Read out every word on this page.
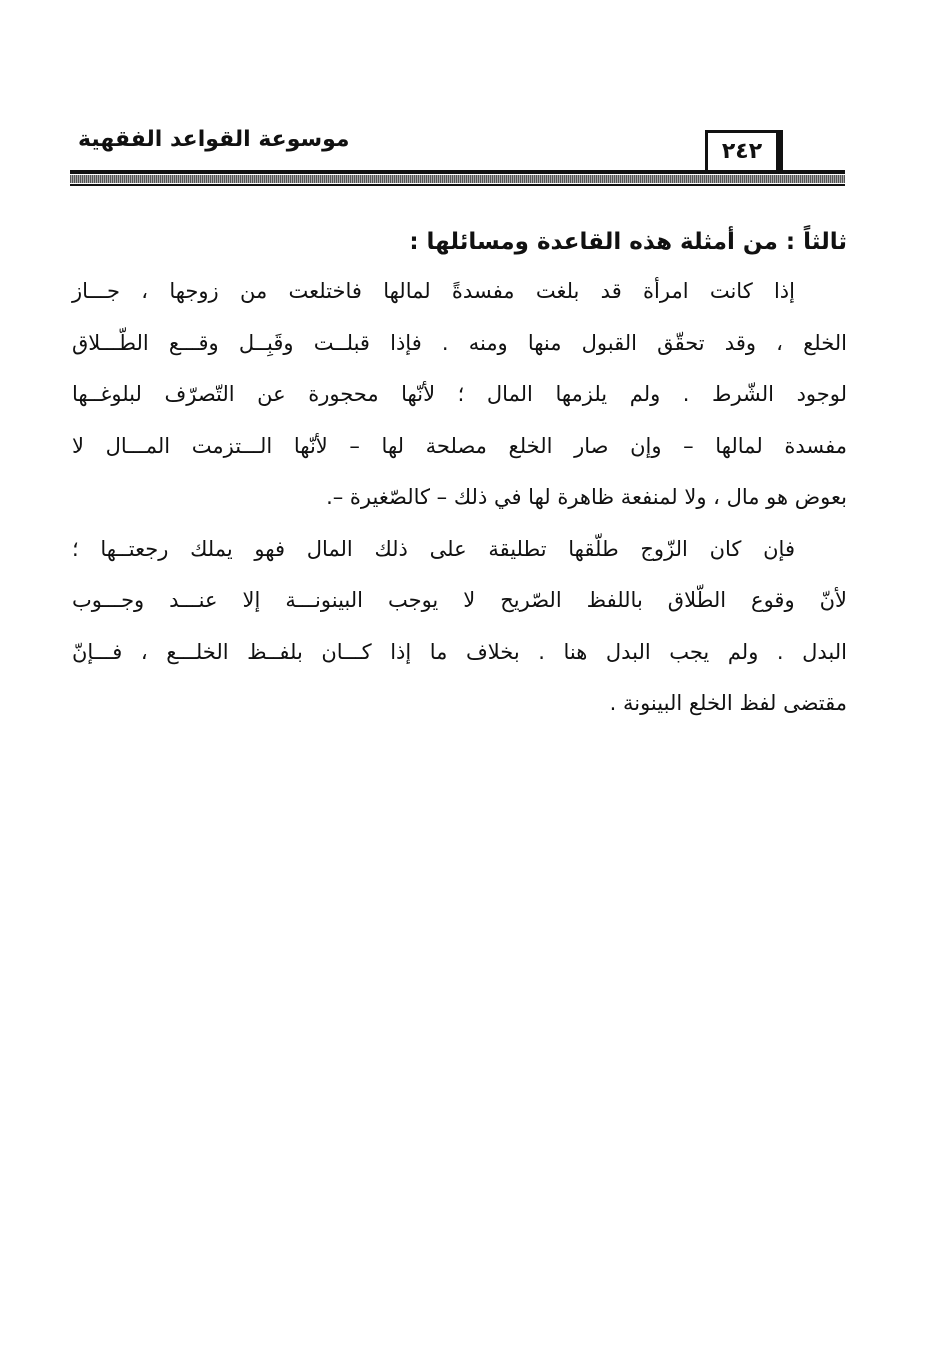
موسوعة القواعد الفقهية	٢٤٢
ثالثاً : من أمثلة هذه القاعدة ومسائلها :

إذا كانت امرأة قد بلغت مفسدةً لمالها فاختلعت من زوجها ، جـــاز
الخلع ، وقد تحقّق القبول منها ومنه . فإذا قبلــت وقَبِــل وقـــع الطّـــلاق
لوجود الشّرط . ولم يلزمها المال ؛ لأنّها محجورة عن التّصرّف لبلوغــها
مفسدة لمالها – وإن صار الخلع مصلحة لها – لأنّها الـــتزمت المـــال لا
بعوض هو مال ، ولا لمنفعة ظاهرة لها في ذلك – كالصّغيرة –.

فإن كان الزّوج طلّقها تطليقة على ذلك المال فهو يملك رجعتــها ؛
لأنّ وقوع الطّلاق باللفظ الصّريح لا يوجب البينونـــة إلا عنـــد وجـــوب
البدل . ولم يجب البدل هنا . بخلاف ما إذا كـــان بلفــظ الخلـــع ، فـــإنّ
مقتضى لفظ الخلع البينونة .
